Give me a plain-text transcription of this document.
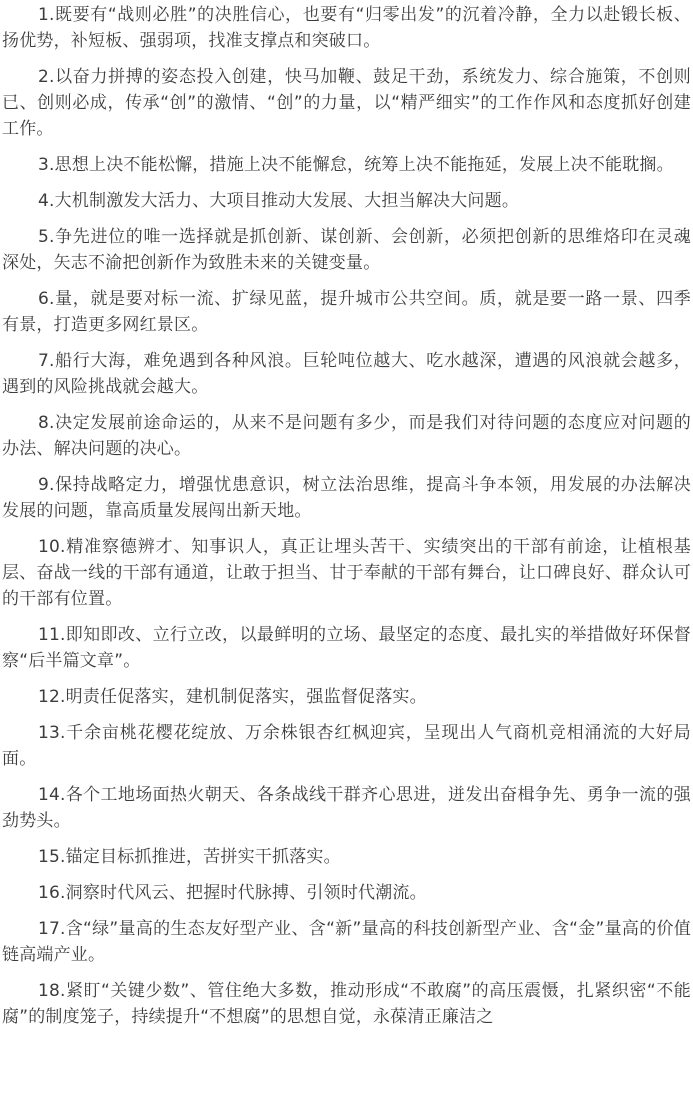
1.既要有“战则必胜”的决胜信心，也要有“归零出发”的沉着冷静，全力以赴锻长板、扬优势，补短板、强弱项，找准支撑点和突破口。

2.以奋力拼搏的姿态投入创建，快马加鞭、鼓足干劲，系统发力、综合施策，不创则已、创则必成，传承“创”的激情、“创”的力量，以“精严细实”的工作作风和态度抓好创建工作。

3.思想上决不能松懈，措施上决不能懈怠，统筹上决不能拖延，发展上决不能耽搁。

4.大机制激发大活力、大项目推动大发展、大担当解决大问题。

5.争先进位的唯一选择就是抓创新、谋创新、会创新，必须把创新的思维烙印在灵魂深处，矢志不渝把创新作为致胜未来的关键变量。

6.量，就是要对标一流、扩绿见蓝，提升城市公共空间。质，就是要一路一景、四季有景，打造更多网红景区。

7.船行大海，难免遇到各种风浪。巨轮吨位越大、吃水越深，遭遇的风浪就会越多，遇到的风险挑战就会越大。

8.决定发展前途命运的，从来不是问题有多少，而是我们对待问题的态度应对问题的办法、解决问题的决心。

9.保持战略定力，增强忧患意识，树立法治思维，提高斗争本领，用发展的办法解决发展的问题，靠高质量发展闯出新天地。

10.精准察德辨才、知事识人，真正让埋头苦干、实绩突出的干部有前途，让植根基层、奋战一线的干部有通道，让敢于担当、甘于奉献的干部有舞台，让口碑良好、群众认可的干部有位置。

11.即知即改、立行立改，以最鲜明的立场、最坚定的态度、最扎实的举措做好环保督察“后半篇文章”。

12.明责任促落实，建机制促落实，强监督促落实。

13.千余亩桃花樱花绽放、万余株银杏红枫迎宾，呈现出人气商机竞相涌流的大好局面。

14.各个工地场面热火朝天、各条战线干群齐心思进，迸发出奋楫争先、勇争一流的强劲势头。

15.锚定目标抓推进，苦拼实干抓落实。

16.洞察时代风云、把握时代脉搏、引领时代潮流。

17.含“绿”量高的生态友好型产业、含“新”量高的科技创新型产业、含“金”量高的价值链高端产业。

18.紧盯“关键少数”、管住绝大多数，推动形成“不敢腐”的高压震慑，扎紧织密“不能腐”的制度笼子，持续提升“不想腐”的思想自觉，永葆清正廉洁之
